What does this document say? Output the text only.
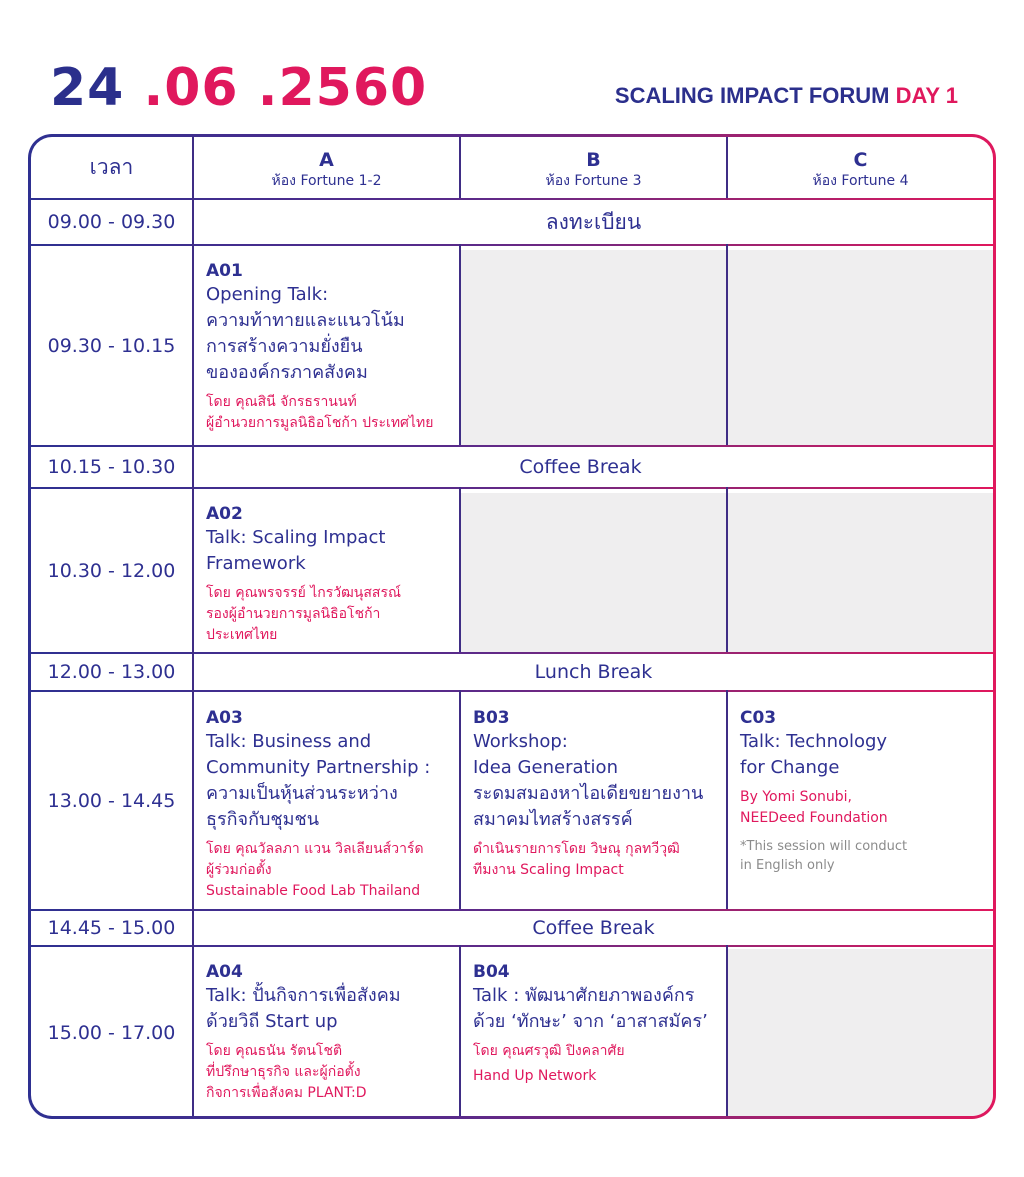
24 .06 .2560	SCALING IMPACT FORUM DAY 1
เวลา	A
ห้อง Fortune 1-2
B
ห้อง Fortune 3
C
ห้อง Fortune 4
09.00 - 09.30
09.30 - 10.15
10.15 - 10.30
10.30 - 12.00
12.00 - 13.00
13.00 - 14.45
14.45 - 15.00
15.00 - 17.00
ลงทะเบียน
Coffee Break
Lunch Break
Coffee Break
A01
Opening Talk:
ความท้าทายและแนวโน้ม
การสร้างความยั่งยืน
ขององค์กรภาคสังคม
โดย คุณสินี จักรธรานนท์
ผู้อำนวยการมูลนิธิอโชก้า ประเทศไทย
A02
Talk: Scaling Impact
Framework
โดย คุณพรจรรย์ ไกรวัฒนุสสรณ์
รองผู้อำนวยการมูลนิธิอโชก้า
ประเทศไทย
A03
Talk: Business and
Community Partnership :
ความเป็นหุ้นส่วนระหว่าง
ธุรกิจกับชุมชน
โดย คุณวัลลภา แวน วิลเลียนส์วาร์ด
ผู้ร่วมก่อตั้ง
Sustainable Food Lab Thailand
B03
Workshop:
Idea Generation
ระดมสมองหาไอเดียขยายงาน
สมาคมไทสร้างสรรค์
ดำเนินรายการโดย วิษณุ กุลทวีวุฒิ
ทีมงาน Scaling Impact
C03
Talk: Technology
for Change
By Yomi Sonubi,
NEEDeed Foundation
*This session will conduct
in English only
A04
Talk: ปั้นกิจการเพื่อสังคม
ด้วยวิถี Start up
โดย คุณธนัน รัตนโชติ
ที่ปรึกษาธุรกิจ และผู้ก่อตั้ง
กิจการเพื่อสังคม PLANT:D
B04
Talk : พัฒนาศักยภาพองค์กร
ด้วย ‘ทักษะ’ จาก ‘อาสาสมัคร’
โดย คุณศรวุฒิ ปิงคลาศัย
Hand Up Network
